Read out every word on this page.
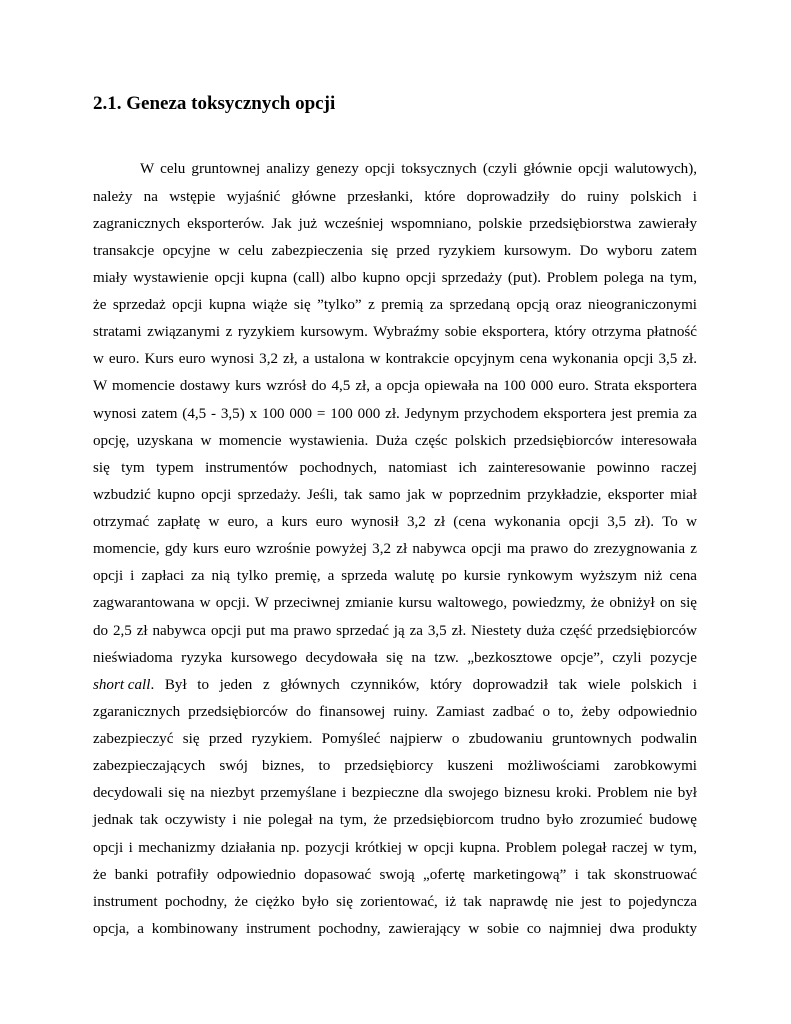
2.1. Geneza toksycznych opcji
W celu gruntownej analizy genezy opcji toksycznych (czyli głównie opcji walutowych),
należy na wstępie wyjaśnić główne przesłanki, które doprowadziły do ruiny polskich i
zagranicznych eksporterów. Jak już wcześniej wspomniano, polskie przedsiębiorstwa zawierały
transakcje opcyjne w celu zabezpieczenia się przed ryzykiem kursowym. Do wyboru zatem
miały wystawienie opcji kupna (call) albo kupno opcji sprzedaży (put). Problem polega na tym,
że sprzedaż opcji kupna wiąże się ”tylko” z premią za sprzedaną opcją oraz nieograniczonymi
stratami związanymi z ryzykiem kursowym. Wybraźmy sobie eksportera, który otrzyma płatność
w euro. Kurs euro wynosi 3,2 zł, a ustalona w kontrakcie opcyjnym cena wykonania opcji 3,5 zł.
W momencie dostawy kurs wzrósł do 4,5 zł, a opcja opiewała na 100 000 euro. Strata eksportera
wynosi zatem (4,5 - 3,5) x 100 000 = 100 000 zł. Jedynym przychodem eksportera jest premia za
opcję, uzyskana w momencie wystawienia. Duża częśc polskich przedsiębiorców interesowała
się tym typem instrumentów pochodnych, natomiast ich zainteresowanie powinno raczej
wzbudzić kupno opcji sprzedaży. Jeśli, tak samo jak w poprzednim przykładzie, eksporter miał
otrzymać zapłatę w euro, a kurs euro wynosił 3,2 zł (cena wykonania opcji 3,5 zł). To w
momencie, gdy kurs euro wzrośnie powyżej 3,2 zł nabywca opcji ma prawo do zrezygnowania z
opcji i zapłaci za nią tylko premię, a sprzeda walutę po kursie rynkowym wyższym niż cena
zagwarantowana w opcji. W przeciwnej zmianie kursu waltowego, powiedzmy, że obniżył on się
do 2,5 zł nabywca opcji put ma prawo sprzedać ją za 3,5 zł. Niestety duża część przedsiębiorców
nieświadoma ryzyka kursowego decydowała się na tzw. „bezkosztowe opcje”, czyli pozycje
short call . Był to jeden z głównych czynników, który doprowadził tak wiele polskich i
zgaranicznych przedsiębiorców do finansowej ruiny. Zamiast zadbać o to, żeby odpowiednio
zabezpieczyć się przed ryzykiem. Pomyśleć najpierw o zbudowaniu gruntownych podwalin
zabezpieczających swój biznes, to przedsiębiorcy kuszeni możliwościami zarobkowymi
decydowali się na niezbyt przemyślane i bezpieczne dla swojego biznesu kroki. Problem nie był
jednak tak oczywisty i nie polegał na tym, że przedsiębiorcom trudno było zrozumieć budowę
opcji i mechanizmy działania np. pozycji krótkiej w opcji kupna. Problem polegał raczej w tym,
że banki potrafiły odpowiednio dopasować swoją „ofertę marketingową” i tak skonstruować
instrument pochodny, że ciężko było się zorientować, iż tak naprawdę nie jest to pojedyncza
opcja, a kombinowany instrument pochodny, zawierający w sobie co najmniej dwa produkty
